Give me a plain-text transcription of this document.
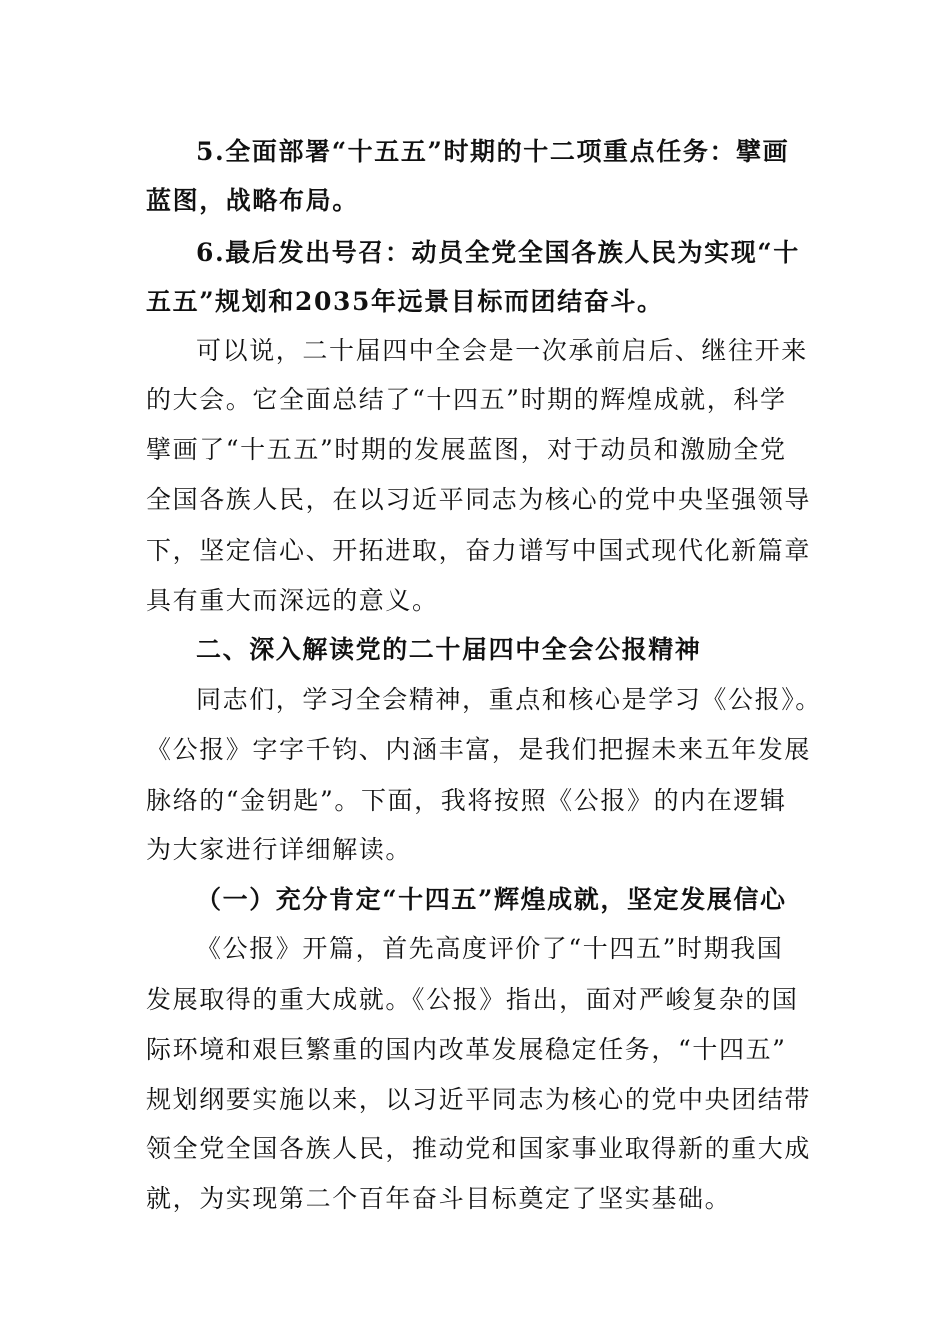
5.全面部署“十五五”时期的十二项重点任务：擘画
蓝图，战略布局。
6.最后发出号召：动员全党全国各族人民为实现“十
五五”规划和2035年远景目标而团结奋斗。
可以说，二十届四中全会是一次承前启后、继往开来
的大会。它全面总结了“十四五”时期的辉煌成就，科学
擘画了“十五五”时期的发展蓝图，对于动员和激励全党
全国各族人民，在以习近平同志为核心的党中央坚强领导
下，坚定信心、开拓进取，奋力谱写中国式现代化新篇章
具有重大而深远的意义。
二、深入解读党的二十届四中全会公报精神
同志们，学习全会精神，重点和核心是学习《公报》。
《公报》字字千钧、内涵丰富，是我们把握未来五年发展
脉络的“金钥匙”。下面，我将按照《公报》的内在逻辑
为大家进行详细解读。
（一）充分肯定“十四五”辉煌成就，坚定发展信心
《公报》开篇，首先高度评价了“十四五”时期我国
发展取得的重大成就。《公报》指出，面对严峻复杂的国
际环境和艰巨繁重的国内改革发展稳定任务，“十四五”
规划纲要实施以来，以习近平同志为核心的党中央团结带
领全党全国各族人民，推动党和国家事业取得新的重大成
就，为实现第二个百年奋斗目标奠定了坚实基础。
